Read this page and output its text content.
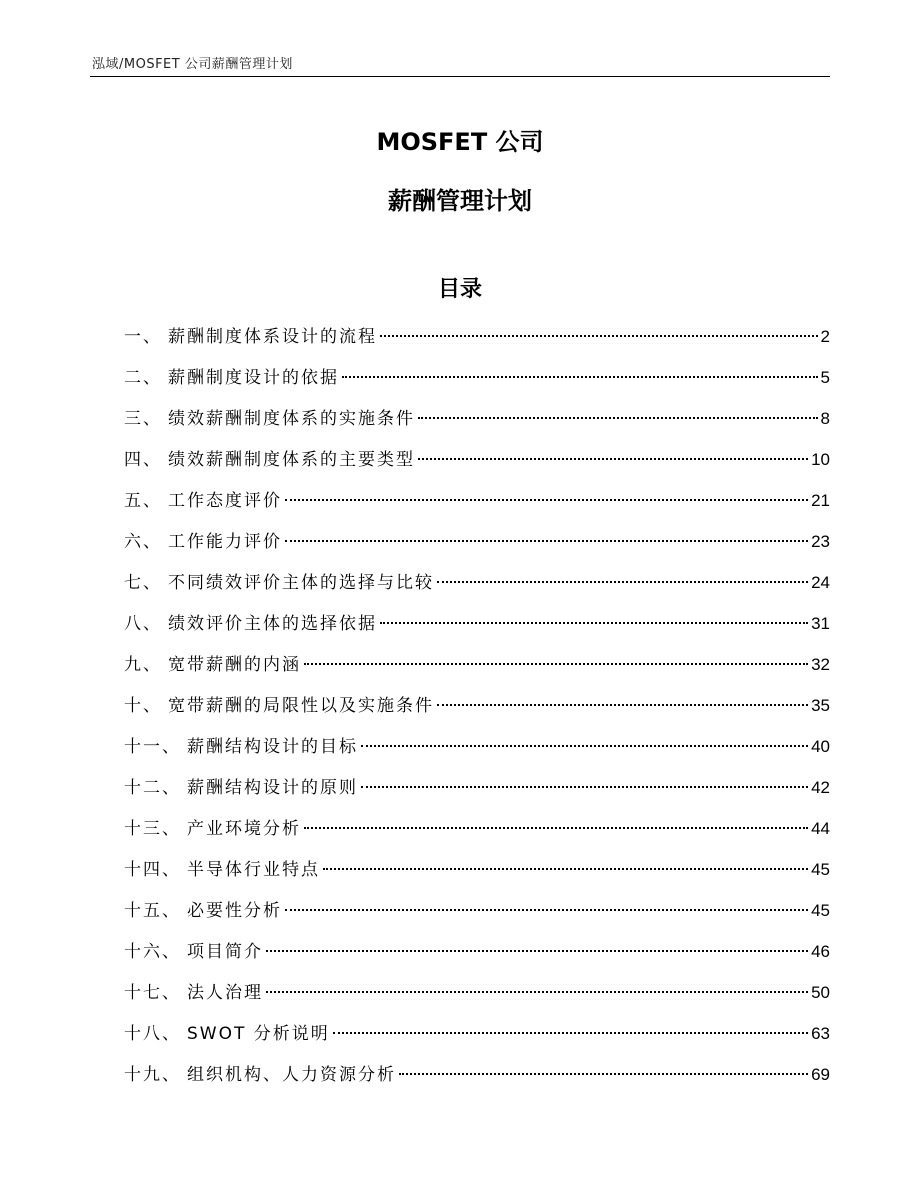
泓域/MOSFET 公司薪酬管理计划
MOSFET 公司
薪酬管理计划
目录
一、 薪酬制度体系设计的流程	2
二、 薪酬制度设计的依据	5
三、 绩效薪酬制度体系的实施条件	8
四、 绩效薪酬制度体系的主要类型	10
五、 工作态度评价	21
六、 工作能力评价	23
七、 不同绩效评价主体的选择与比较	24
八、 绩效评价主体的选择依据	31
九、 宽带薪酬的内涵	32
十、 宽带薪酬的局限性以及实施条件	35
十一、 薪酬结构设计的目标	40
十二、 薪酬结构设计的原则	42
十三、 产业环境分析	44
十四、 半导体行业特点	45
十五、 必要性分析	45
十六、 项目简介	46
十七、 法人治理	50
十八、 SWOT 分析说明	63
十九、 组织机构、人力资源分析	69
